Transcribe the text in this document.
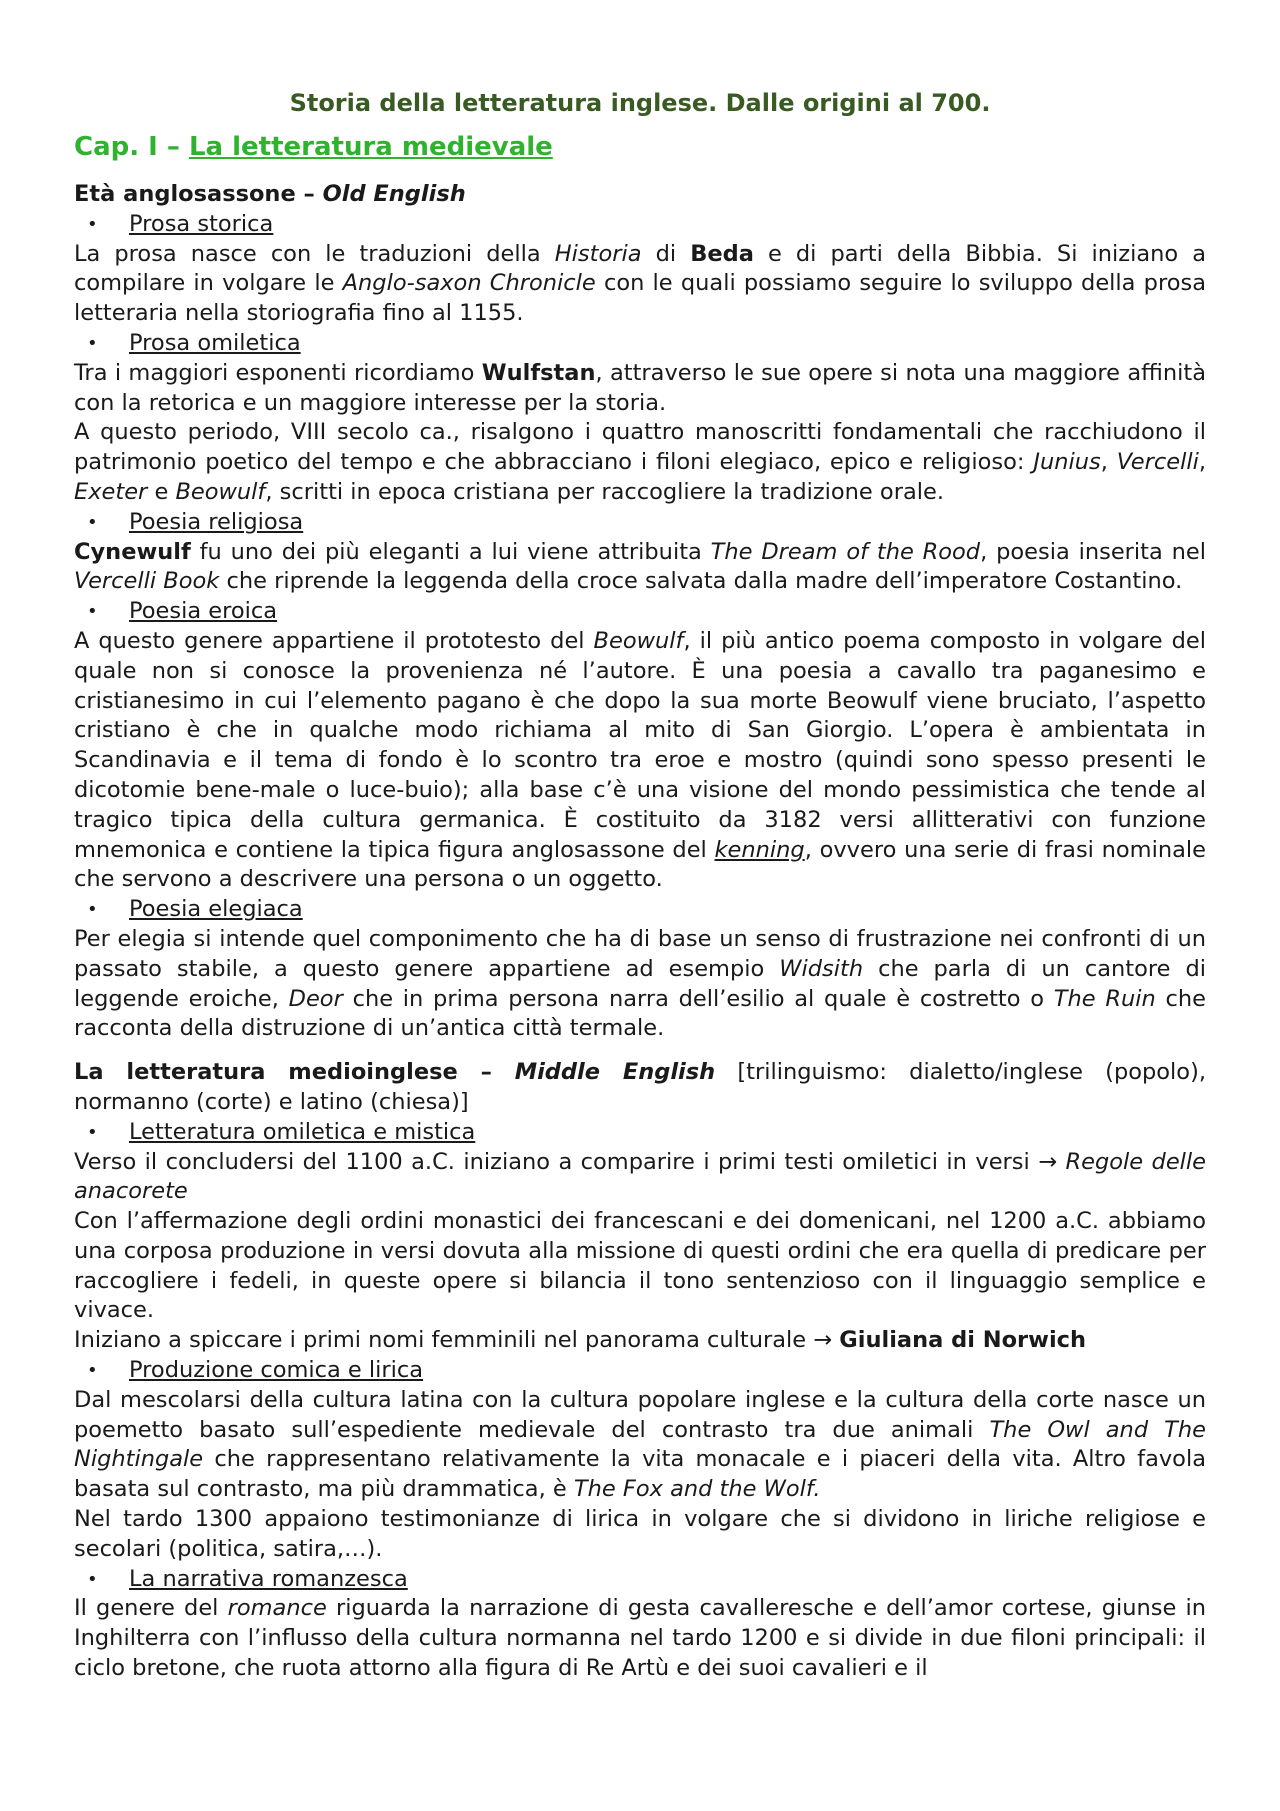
Storia della letteratura inglese. Dalle origini al 700.
Cap. I – La letteratura medievale

Età anglosassone – Old English

• Prosa storica

La prosa nasce con le traduzioni della Historia di Beda e di parti della Bibbia. Si iniziano a compilare in volgare le Anglo-saxon Chronicle con le quali possiamo seguire lo sviluppo della prosa letteraria nella storiografia fino al 1155.

• Prosa omiletica

Tra i maggiori esponenti ricordiamo Wulfstan, attraverso le sue opere si nota una maggiore affinità con la retorica e un maggiore interesse per la storia.

A questo periodo, VIII secolo ca., risalgono i quattro manoscritti fondamentali che racchiudono il patrimonio poetico del tempo e che abbracciano i filoni elegiaco, epico e religioso: Junius, Vercelli, Exeter e Beowulf, scritti in epoca cristiana per raccogliere la tradizione orale.

• Poesia religiosa

Cynewulf fu uno dei più eleganti a lui viene attribuita The Dream of the Rood, poesia inserita nel Vercelli Book che riprende la leggenda della croce salvata dalla madre dell’imperatore Costantino.

• Poesia eroica

A questo genere appartiene il prototesto del Beowulf, il più antico poema composto in volgare del quale non si conosce la provenienza né l’autore. È una poesia a cavallo tra paganesimo e cristianesimo in cui l’elemento pagano è che dopo la sua morte Beowulf viene bruciato, l’aspetto cristiano è che in qualche modo richiama al mito di San Giorgio. L’opera è ambientata in Scandinavia e il tema di fondo è lo scontro tra eroe e mostro (quindi sono spesso presenti le dicotomie bene-male o luce-buio); alla base c’è una visione del mondo pessimistica che tende al tragico tipica della cultura germanica. È costituito da 3182 versi allitterativi con funzione mnemonica e contiene la tipica figura anglosassone del kenning, ovvero una serie di frasi nominale che servono a descrivere una persona o un oggetto.

• Poesia elegiaca

Per elegia si intende quel componimento che ha di base un senso di frustrazione nei confronti di un passato stabile, a questo genere appartiene ad esempio Widsith che parla di un cantore di leggende eroiche, Deor che in prima persona narra dell’esilio al quale è costretto o The Ruin che racconta della distruzione di un’antica città termale.

La letteratura medioinglese – Middle English [trilinguismo: dialetto/inglese (popolo), normanno (corte) e latino (chiesa)]

• Letteratura omiletica e mistica

Verso il concludersi del 1100 a.C. iniziano a comparire i primi testi omiletici in versi → Regole delle anacorete

Con l’affermazione degli ordini monastici dei francescani e dei domenicani, nel 1200 a.C. abbiamo una corposa produzione in versi dovuta alla missione di questi ordini che era quella di predicare per raccogliere i fedeli, in queste opere si bilancia il tono sentenzioso con il linguaggio semplice e vivace.

Iniziano a spiccare i primi nomi femminili nel panorama culturale → Giuliana di Norwich

• Produzione comica e lirica

Dal mescolarsi della cultura latina con la cultura popolare inglese e la cultura della corte nasce un poemetto basato sull’espediente medievale del contrasto tra due animali The Owl and The Nightingale che rappresentano relativamente la vita monacale e i piaceri della vita. Altro favola basata sul contrasto, ma più drammatica, è The Fox and the Wolf.

Nel tardo 1300 appaiono testimonianze di lirica in volgare che si dividono in liriche religiose e secolari (politica, satira,…).

• La narrativa romanzesca

Il genere del romance riguarda la narrazione di gesta cavalleresche e dell’amor cortese, giunse in Inghilterra con l’influsso della cultura normanna nel tardo 1200 e si divide in due filoni principali: il ciclo bretone, che ruota attorno alla figura di Re Artù e dei suoi cavalieri e il
